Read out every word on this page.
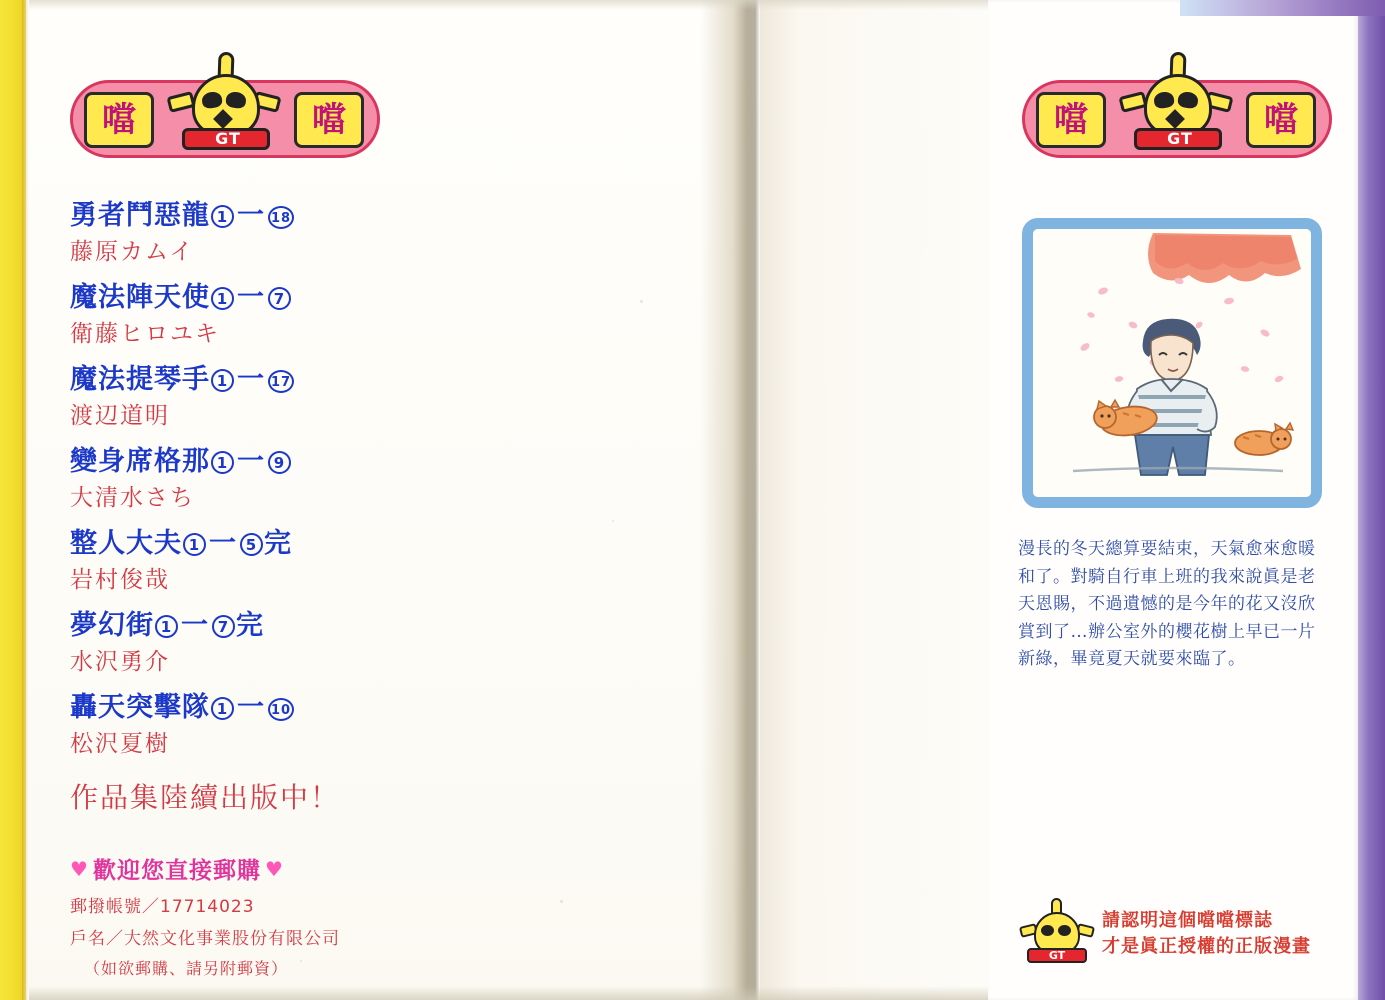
噹	噹
GT
勇者鬥惡龍 1 一 18
藤原カムイ
魔法陣天使 1 一 7
衛藤ヒロユキ
魔法提琴手 1 一 17
渡辺道明
變身席格那 1 一 9
大清水さち
整人大夫 1 一 5 完
岩村俊哉
夢幻街 1 一 7 完
水沢勇介
轟天突擊隊 1 一 10
松沢夏樹
作品集陸續出版中！
♥ 歡迎您直接郵購 ♥
郵撥帳號／17714023
戶名／大然文化事業股份有限公司
（如欲郵購、請另附郵資）
噹	噹
GT
漫長的冬天總算要結束，天氣愈來愈暖和了。對騎自行車上班的我來說眞是老天恩賜，不過遺憾的是今年的花又沒欣賞到了…辦公室外的櫻花樹上早已一片新綠，畢竟夏天就要來臨了。
GT
請認明這個噹噹標誌
才是眞正授權的正版漫畫
